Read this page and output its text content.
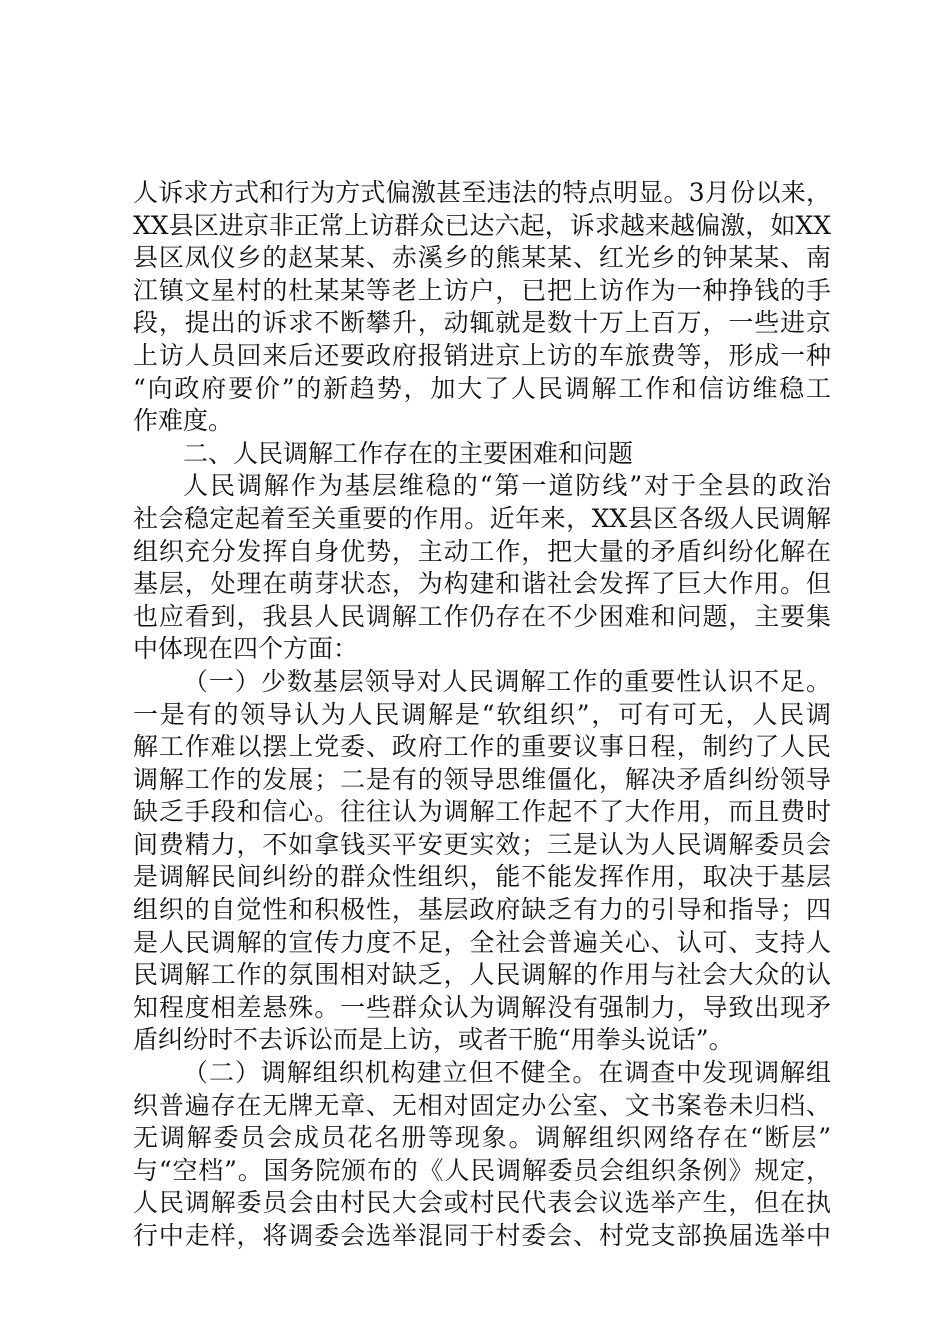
人诉求方式和行为方式偏激甚至违法的特点明显。3月份以来，
XX县区进京非正常上访群众已达六起，诉求越来越偏激，如XX
县区凤仪乡的赵某某、赤溪乡的熊某某、红光乡的钟某某、南
江镇文星村的杜某某等老上访户，已把上访作为一种挣钱的手
段，提出的诉求不断攀升，动辄就是数十万上百万，一些进京
上访人员回来后还要政府报销进京上访的车旅费等，形成一种
“向政府要价”的新趋势，加大了人民调解工作和信访维稳工
作难度。
二、人民调解工作存在的主要困难和问题
人民调解作为基层维稳的“第一道防线”对于全县的政治
社会稳定起着至关重要的作用。近年来，XX县区各级人民调解
组织充分发挥自身优势，主动工作，把大量的矛盾纠纷化解在
基层，处理在萌芽状态，为构建和谐社会发挥了巨大作用。但
也应看到，我县人民调解工作仍存在不少困难和问题，主要集
中体现在四个方面：
（一）少数基层领导对人民调解工作的重要性认识不足。
一是有的领导认为人民调解是“软组织”，可有可无，人民调
解工作难以摆上党委、政府工作的重要议事日程，制约了人民
调解工作的发展；二是有的领导思维僵化，解决矛盾纠纷领导
缺乏手段和信心。往往认为调解工作起不了大作用，而且费时
间费精力，不如拿钱买平安更实效；三是认为人民调解委员会
是调解民间纠纷的群众性组织，能不能发挥作用，取决于基层
组织的自觉性和积极性，基层政府缺乏有力的引导和指导；四
是人民调解的宣传力度不足，全社会普遍关心、认可、支持人
民调解工作的氛围相对缺乏，人民调解的作用与社会大众的认
知程度相差悬殊。一些群众认为调解没有强制力，导致出现矛
盾纠纷时不去诉讼而是上访，或者干脆“用拳头说话”。
（二）调解组织机构建立但不健全。在调查中发现调解组
织普遍存在无牌无章、无相对固定办公室、文书案卷未归档、
无调解委员会成员花名册等现象。调解组织网络存在“断层”
与“空档”。国务院颁布的《人民调解委员会组织条例》规定，
人民调解委员会由村民大会或村民代表会议选举产生，但在执
行中走样，将调委会选举混同于村委会、村党支部换届选举中
